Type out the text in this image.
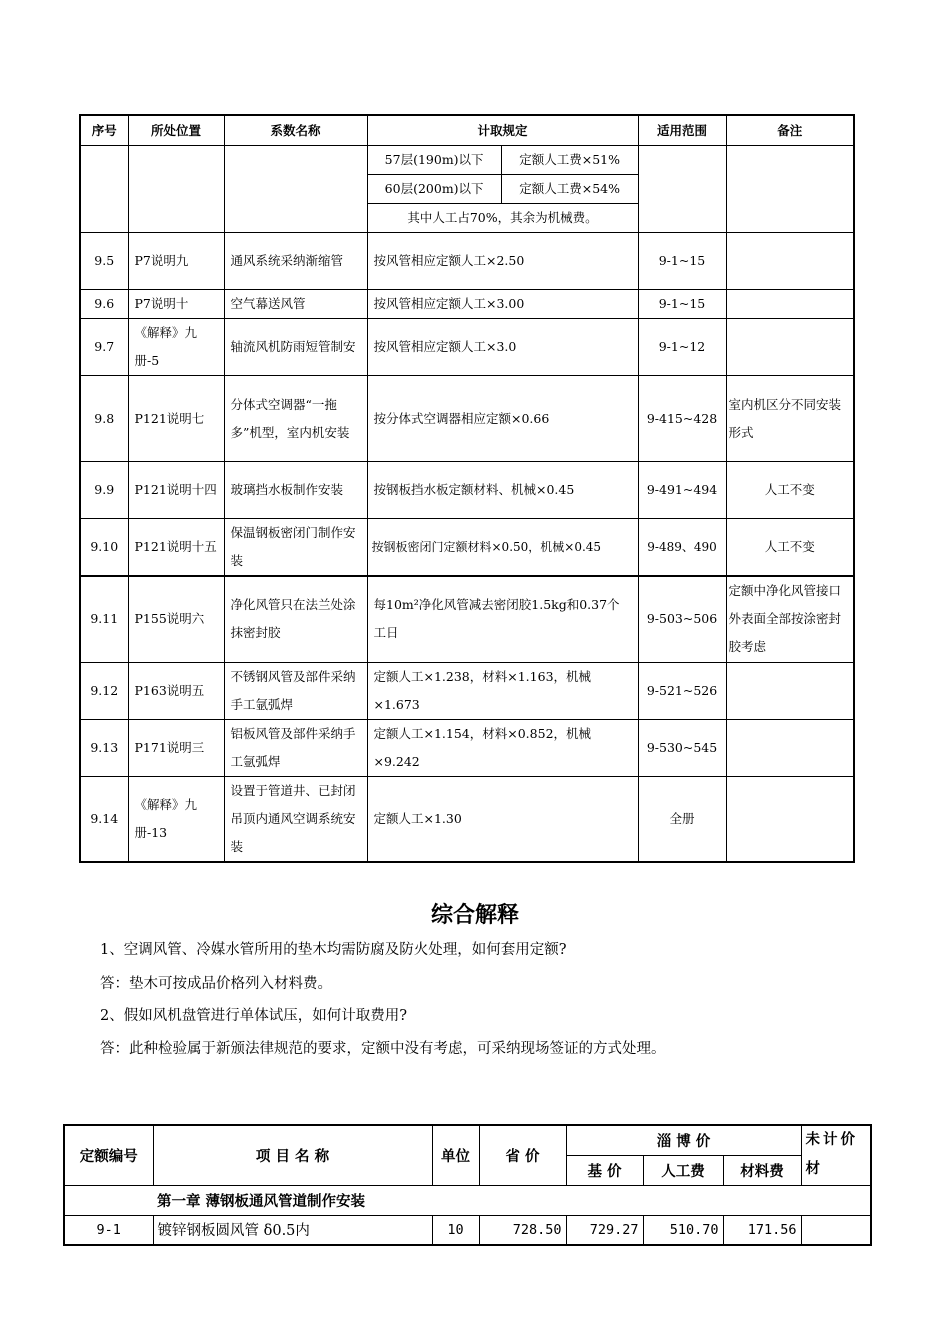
序号	所处位置	系数名称	计取规定	适用范围	备注

57层(190m)以下	定额人工费×51%
60层(200m)以下	定额人工费×54%
其中人工占70%，其余为机械费。

9.5	P7说明九	通风系统采纳渐缩管	按风管相应定额人工×2.50	9-1~15	
9.6	P7说明十	空气幕送风管	按风管相应定额人工×3.00	9-1~15	
9.7	《解释》九册-5	轴流风机防雨短管制安	按风管相应定额人工×3.0	9-1~12	
9.8	P121说明七	分体式空调器“一拖多”机型，室内机安装	按分体式空调器相应定额×0.66	9-415~428	室内机区分不同安装形式
9.9	P121说明十四	玻璃挡水板制作安装	按钢板挡水板定额材料、机械×0.45	9-491~494	人工不变
9.10	P121说明十五	保温钢板密闭门制作安装	按钢板密闭门定额材料×0.50，机械×0.45	9-489、490	人工不变
9.11	P155说明六	净化风管只在法兰处涂抹密封胶	每10m²净化风管减去密闭胶1.5kg和0.37个工日	9-503~506	定额中净化风管接口外表面全部按涂密封胶考虑
9.12	P163说明五	不锈钢风管及部件采纳手工氩弧焊	定额人工×1.238，材料×1.163，机械×1.673	9-521~526	
9.13	P171说明三	铝板风管及部件采纳手工氩弧焊	定额人工×1.154，材料×0.852，机械×9.242	9-530~545	
9.14	《解释》九册-13	设置于管道井、已封闭吊顶内通风空调系统安装	定额人工×1.30	全册	
综合解释
1、空调风管、冷媒水管所用的垫木均需防腐及防火处理，如何套用定额?
答：垫木可按成品价格列入材料费。
2、假如风机盘管进行单体试压，如何计取费用?
答：此种检验属于新颁法律规范的要求，定额中没有考虑，可采纳现场签证的方式处理。
定额编号	项 目 名 称	单位	省 价	淄 博 价			未计价材
				基 价	人工费	材料费	
第一章 薄钢板通风管道制作安装							
9-1	镀锌钢板圆风管 δ0.5内	10	728.50	729.27	510.70	171.56	
